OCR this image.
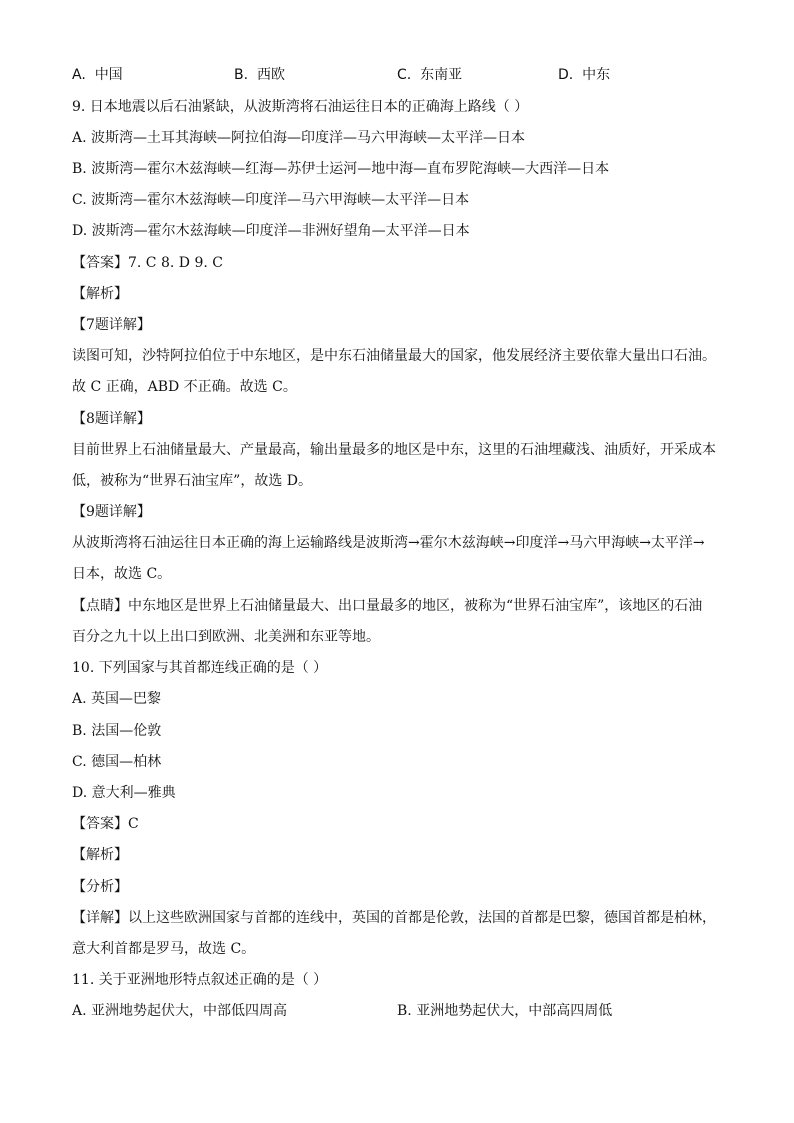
A. 中国	B. 西欧	C. 东南亚	D. 中东
9. 日本地震以后石油紧缺，从波斯湾将石油运往日本的正确海上路线（ ）
A. 波斯湾—土耳其海峡—阿拉伯海—印度洋—马六甲海峡—太平洋—日本
B. 波斯湾—霍尔木兹海峡—红海—苏伊士运河—地中海—直布罗陀海峡—大西洋—日本
C. 波斯湾—霍尔木兹海峡—印度洋—马六甲海峡—太平洋—日本
D. 波斯湾—霍尔木兹海峡—印度洋—非洲好望角—太平洋—日本
【答案】7. C 8. D 9. C
【解析】
【7题详解】
读图可知，沙特阿拉伯位于中东地区，是中东石油储量最大的国家，他发展经济主要依靠大量出口石油。
故 C 正确，ABD 不正确。故选 C。
【8题详解】
目前世界上石油储量最大、产量最高，输出量最多的地区是中东，这里的石油埋藏浅、油质好，开采成本
低，被称为“世界石油宝库”，故选 D。
【9题详解】
从波斯湾将石油运往日本正确的海上运输路线是波斯湾→霍尔木兹海峡→印度洋→马六甲海峡→太平洋→
日本，故选 C。
【点睛】中东地区是世界上石油储量最大、出口量最多的地区，被称为“世界石油宝库”，该地区的石油
百分之九十以上出口到欧洲、北美洲和东亚等地。
10. 下列国家与其首都连线正确的是（ ）
A. 英国—巴黎
B. 法国—伦敦
C. 德国—柏林
D. 意大利—雅典
【答案】C
【解析】
【分析】
【详解】以上这些欧洲国家与首都的连线中，英国的首都是伦敦，法国的首都是巴黎，德国首都是柏林，
意大利首都是罗马，故选 C。
11. 关于亚洲地形特点叙述正确的是（ ）
A. 亚洲地势起伏大，中部低四周高	B. 亚洲地势起伏大，中部高四周低
